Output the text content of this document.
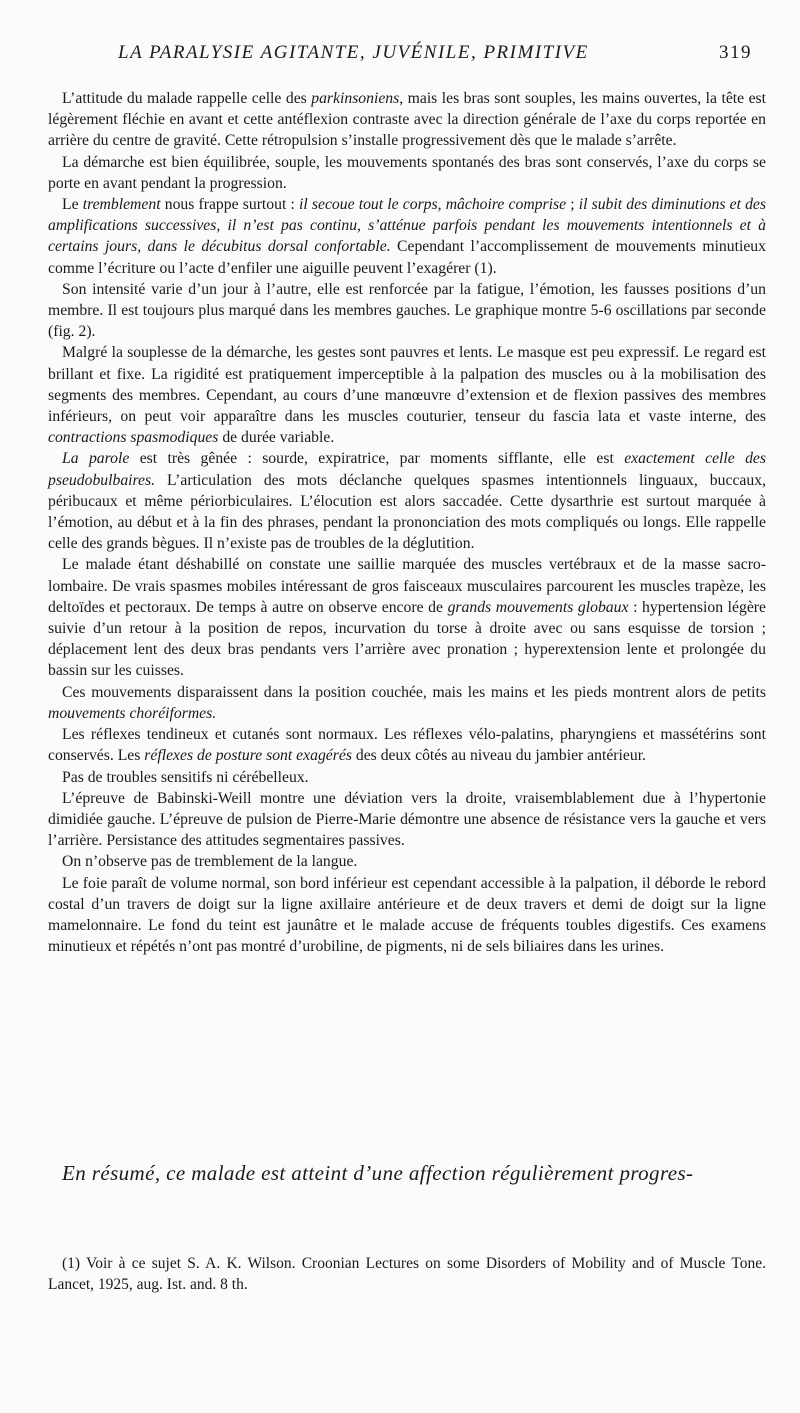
LA PARALYSIE AGITANTE, JUVÉNILE, PRIMITIVE	319

L’attitude du malade rappelle celle des parkinsoniens, mais les bras sont souples, les mains ouvertes, la tête est légèrement fléchie en avant et cette antéflexion contraste avec la direction générale de l’axe du corps reportée en arrière du centre de gravité. Cette rétropulsion s’installe progressivement dès que le malade s’arrête.

La démarche est bien équilibrée, souple, les mouvements spontanés des bras sont conservés, l’axe du corps se porte en avant pendant la progression.

Le tremblement nous frappe surtout : il secoue tout le corps, mâchoire comprise ; il subit des diminutions et des amplifications successives, il n’est pas continu, s’atténue parfois pendant les mouvements intentionnels et à certains jours, dans le décubitus dorsal confortable. Cependant l’accomplissement de mouvements minutieux comme l’écriture ou l’acte d’enfiler une aiguille peuvent l’exagérer (1).

Son intensité varie d’un jour à l’autre, elle est renforcée par la fatigue, l’émotion, les fausses positions d’un membre. Il est toujours plus marqué dans les membres gauches. Le graphique montre 5-6 oscillations par seconde (fig. 2).

Malgré la souplesse de la démarche, les gestes sont pauvres et lents. Le masque est peu expressif. Le regard est brillant et fixe. La rigidité est pratiquement imperceptible à la palpation des muscles ou à la mobilisation des segments des membres. Cependant, au cours d’une manœuvre d’extension et de flexion passives des membres inférieurs, on peut voir apparaître dans les muscles couturier, tenseur du fascia lata et vaste interne, des contractions spasmodiques de durée variable.

La parole est très gênée : sourde, expiratrice, par moments sifflante, elle est exactement celle des pseudobulbaires. L’articulation des mots déclanche quelques spasmes intentionnels linguaux, buccaux, péribucaux et même périorbiculaires. L’élocution est alors saccadée. Cette dysarthrie est surtout marquée à l’émotion, au début et à la fin des phrases, pendant la prononciation des mots compliqués ou longs. Elle rappelle celle des grands bègues. Il n’existe pas de troubles de la déglutition.

Le malade étant déshabillé on constate une saillie marquée des muscles vertébraux et de la masse sacro-lombaire. De vrais spasmes mobiles intéressant de gros faisceaux musculaires parcourent les muscles trapèze, les deltoïdes et pectoraux. De temps à autre on observe encore de grands mouvements globaux : hypertension légère suivie d’un retour à la position de repos, incurvation du torse à droite avec ou sans esquisse de torsion ; déplacement lent des deux bras pendants vers l’arrière avec pronation ; hyperextension lente et prolongée du bassin sur les cuisses.

Ces mouvements disparaissent dans la position couchée, mais les mains et les pieds montrent alors de petits mouvements choréiformes.

Les réflexes tendineux et cutanés sont normaux. Les réflexes vélo-palatins, pharyngiens et massétérins sont conservés. Les réflexes de posture sont exagérés des deux côtés au niveau du jambier antérieur.

Pas de troubles sensitifs ni cérébelleux.

L’épreuve de Babinski-Weill montre une déviation vers la droite, vraisemblablement due à l’hypertonie dimidiée gauche. L’épreuve de pulsion de Pierre-Marie démontre une absence de résistance vers la gauche et vers l’arrière. Persistance des attitudes segmentaires passives.

On n’observe pas de tremblement de la langue.

Le foie paraît de volume normal, son bord inférieur est cependant accessible à la palpation, il déborde le rebord costal d’un travers de doigt sur la ligne axillaire antérieure et de deux travers et demi de doigt sur la ligne mamelonnaire. Le fond du teint est jaunâtre et le malade accuse de fréquents toubles digestifs. Ces examens minutieux et répétés n’ont pas montré d’urobiline, de pigments, ni de sels biliaires dans les urines.

En résumé, ce malade est atteint d’une affection régulièrement progres-

(1) Voir à ce sujet S. A. K. Wilson. Croonian Lectures on some Disorders of Mobility and of Muscle Tone. Lancet, 1925, aug. Ist. and. 8 th.
